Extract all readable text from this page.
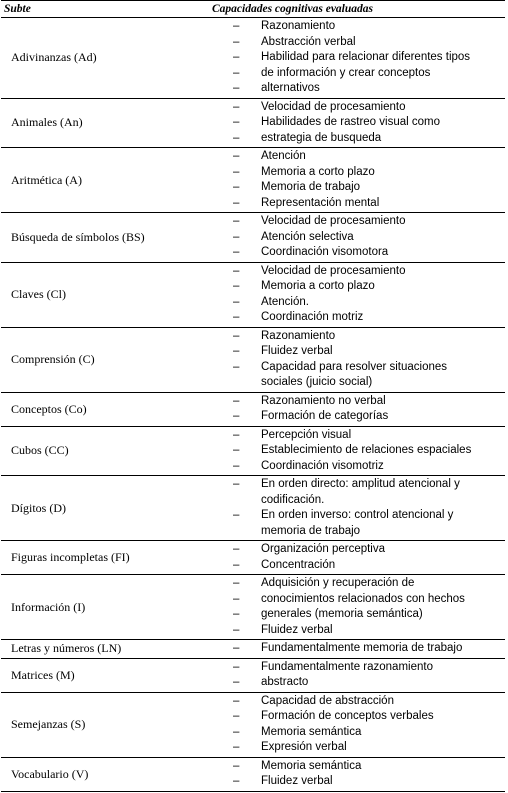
Subte	Capacidades cognitivas evaluadas
Adivinanzas (Ad)
–	Razonamiento
–	Abstracción verbal
–	Habilidad para relacionar diferentes tipos
–	de información y crear conceptos
–	alternativos
Animales (An)
–	Velocidad de procesamiento
–	Habilidades de rastreo visual como
–	estrategia de busqueda
Aritmética (A)
–	Atención
–	Memoria a corto plazo
–	Memoria de trabajo
–	Representación mental
Búsqueda de símbolos (BS)
–	Velocidad de procesamiento
–	Atención selectiva
–	Coordinación visomotora
Claves (Cl)
–	Velocidad de procesamiento
–	Memoria a corto plazo
–	Atención.
–	Coordinación motriz
Comprensión (C)
–	Razonamiento
–	Fluidez verbal
–	Capacidad para resolver situaciones
sociales (juicio social)
Conceptos (Co)
–	Razonamiento no verbal
–	Formación de categorías
Cubos (CC)
–	Percepción visual
–	Establecimiento de relaciones espaciales
–	Coordinación visomotriz
Dígitos (D)
–	En orden directo: amplitud atencional y
codificación.
–	En orden inverso: control atencional y
memoria de trabajo
Figuras incompletas (FI)
–	Organización perceptiva
–	Concentración
Información (I)
–	Adquisición y recuperación de
–	conocimientos relacionados con hechos
–	generales (memoria semántica)
–	Fluidez verbal
Letras y números (LN)	–	Fundamentalmente memoria de trabajo
Matrices (M)
–	Fundamentalmente razonamiento
–	abstracto
Semejanzas (S)
–	Capacidad de abstracción
–	Formación de conceptos verbales
–	Memoria semántica
–	Expresión verbal
Vocabulario (V)
–	Memoria semántica
–	Fluidez verbal
